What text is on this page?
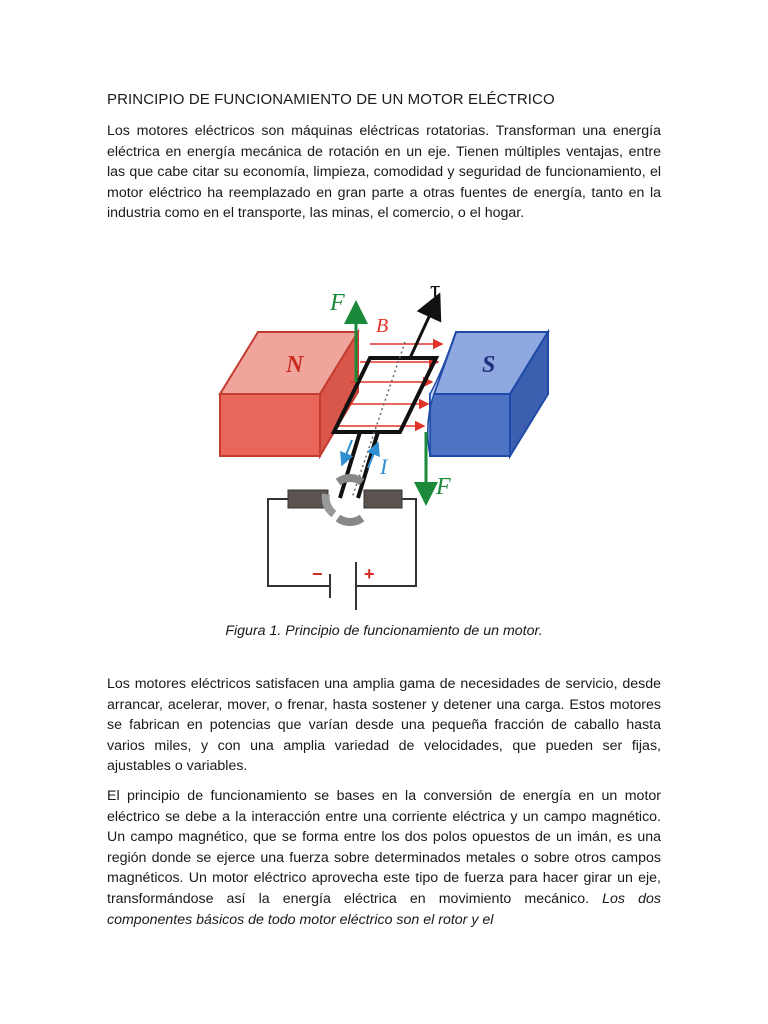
PRINCIPIO DE FUNCIONAMIENTO DE UN MOTOR ELÉCTRICO
Los motores eléctricos son máquinas eléctricas rotatorias. Transforman una energía eléctrica en energía mecánica de rotación en un eje. Tienen múltiples ventajas, entre las que cabe citar su economía, limpieza, comodidad y seguridad de funcionamiento, el motor eléctrico ha reemplazado en gran parte a otras fuentes de energía, tanto en la industria como en el transporte, las minas, el comercio, o el hogar.
N	S
B
τ
F
F
I
− +
Figura 1. Principio de funcionamiento de un motor.
Los motores eléctricos satisfacen una amplia gama de necesidades de servicio, desde arrancar, acelerar, mover, o frenar, hasta sostener y detener una carga. Estos motores se fabrican en potencias que varían desde una pequeña fracción de caballo hasta varios miles, y con una amplia variedad de velocidades, que pueden ser fijas, ajustables o variables.
El principio de funcionamiento se bases en la conversión de energía en un motor eléctrico se debe a la interacción entre una corriente eléctrica y un campo magnético. Un campo magnético, que se forma entre los dos polos opuestos de un imán, es una región donde se ejerce una fuerza sobre determinados metales o sobre otros campos magnéticos. Un motor eléctrico aprovecha este tipo de fuerza para hacer girar un eje, transformándose así la energía eléctrica en movimiento mecánico. Los dos componentes básicos de todo motor eléctrico son el rotor y el
